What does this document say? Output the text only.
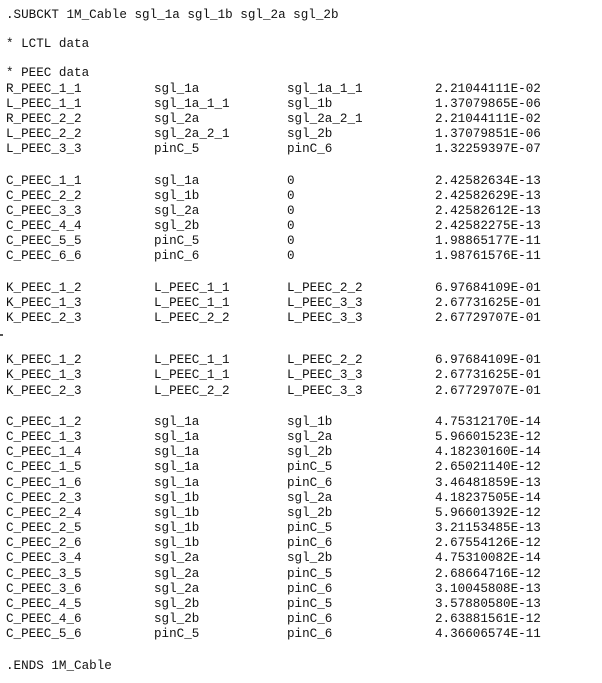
.SUBCKT 1M_Cable sgl_1a sgl_1b sgl_2a sgl_2b
* LCTL data
* PEEC data
R_PEEC_1_1	sgl_1a	sgl_1a_1_1	2.21044111E-02
L_PEEC_1_1	sgl_1a_1_1	sgl_1b	1.37079865E-06
R_PEEC_2_2	sgl_2a	sgl_2a_2_1	2.21044111E-02
L_PEEC_2_2	sgl_2a_2_1	sgl_2b	1.37079851E-06
L_PEEC_3_3	pinC_5	pinC_6	1.32259397E-07
C_PEEC_1_1	sgl_1a	0	2.42582634E-13
C_PEEC_2_2	sgl_1b	0	2.42582629E-13
C_PEEC_3_3	sgl_2a	0	2.42582612E-13
C_PEEC_4_4	sgl_2b	0	2.42582275E-13
C_PEEC_5_5	pinC_5	0	1.98865177E-11
C_PEEC_6_6	pinC_6	0	1.98761576E-11
K_PEEC_1_2	L_PEEC_1_1	L_PEEC_2_2	6.97684109E-01
K_PEEC_1_3	L_PEEC_1_1	L_PEEC_3_3	2.67731625E-01
K_PEEC_2_3	L_PEEC_2_2	L_PEEC_3_3	2.67729707E-01
K_PEEC_1_2	L_PEEC_1_1	L_PEEC_2_2	6.97684109E-01
K_PEEC_1_3	L_PEEC_1_1	L_PEEC_3_3	2.67731625E-01
K_PEEC_2_3	L_PEEC_2_2	L_PEEC_3_3	2.67729707E-01
C_PEEC_1_2	sgl_1a	sgl_1b	4.75312170E-14
C_PEEC_1_3	sgl_1a	sgl_2a	5.96601523E-12
C_PEEC_1_4	sgl_1a	sgl_2b	4.18230160E-14
C_PEEC_1_5	sgl_1a	pinC_5	2.65021140E-12
C_PEEC_1_6	sgl_1a	pinC_6	3.46481859E-13
C_PEEC_2_3	sgl_1b	sgl_2a	4.18237505E-14
C_PEEC_2_4	sgl_1b	sgl_2b	5.96601392E-12
C_PEEC_2_5	sgl_1b	pinC_5	3.21153485E-13
C_PEEC_2_6	sgl_1b	pinC_6	2.67554126E-12
C_PEEC_3_4	sgl_2a	sgl_2b	4.75310082E-14
C_PEEC_3_5	sgl_2a	pinC_5	2.68664716E-12
C_PEEC_3_6	sgl_2a	pinC_6	3.10045808E-13
C_PEEC_4_5	sgl_2b	pinC_5	3.57880580E-13
C_PEEC_4_6	sgl_2b	pinC_6	2.63881561E-12
C_PEEC_5_6	pinC_5	pinC_6	4.36606574E-11
.ENDS 1M_Cable
